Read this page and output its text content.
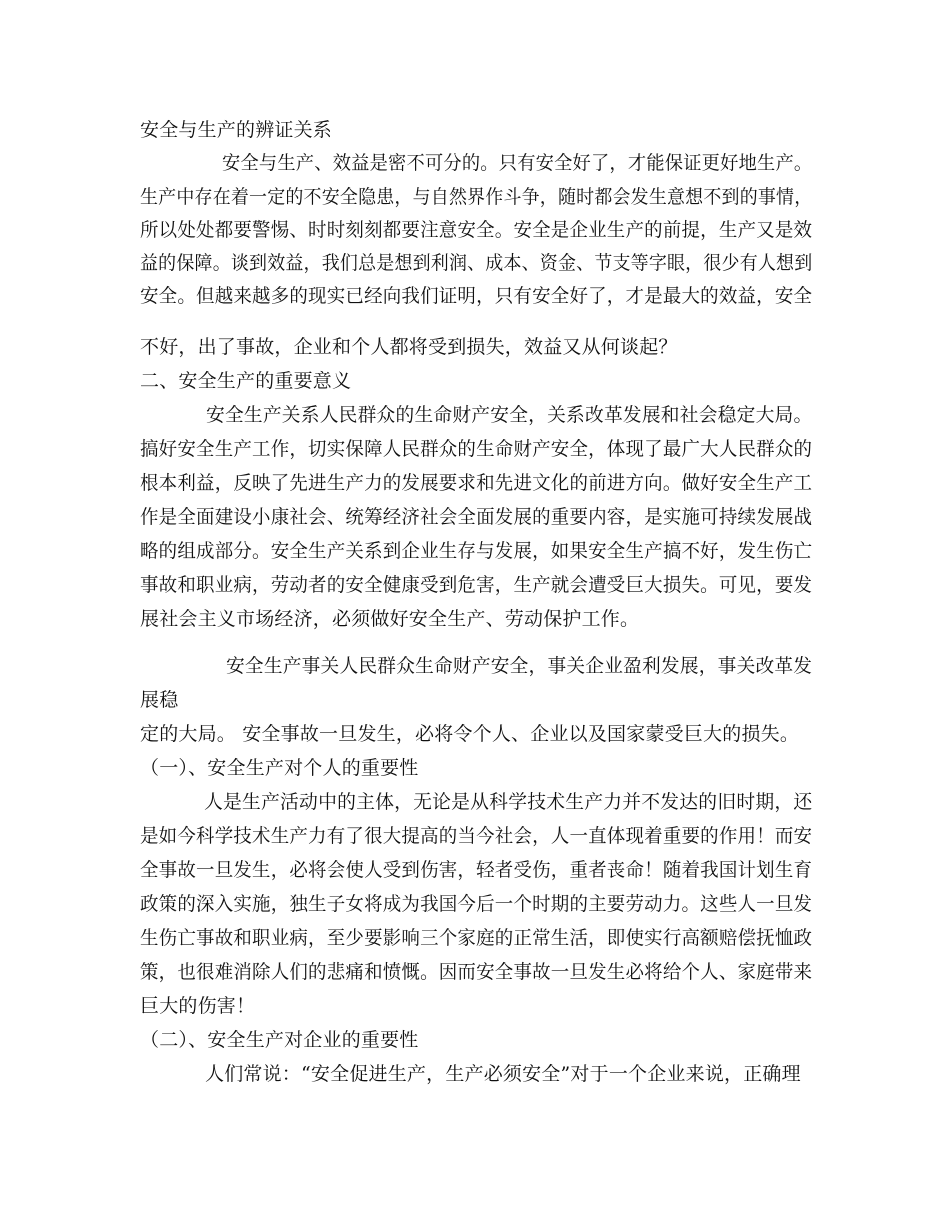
安全与生产的辨证关系
安全与生产、效益是密不可分的。只有安全好了，才能保证更好地生产。
生产中存在着一定的不安全隐患，与自然界作斗争，随时都会发生意想不到的事情，
所以处处都要警惕、时时刻刻都要注意安全。安全是企业生产的前提，生产又是效
益的保障。谈到效益，我们总是想到利润、成本、资金、节支等字眼，很少有人想到
安全。但越来越多的现实已经向我们证明，只有安全好了，才是最大的效益，安全
不好，出了事故，企业和个人都将受到损失，效益又从何谈起？
二、安全生产的重要意义
安全生产关系人民群众的生命财产安全，关系改革发展和社会稳定大局。
搞好安全生产工作，切实保障人民群众的生命财产安全，体现了最广大人民群众的
根本利益，反映了先进生产力的发展要求和先进文化的前进方向。做好安全生产工
作是全面建设小康社会、统筹经济社会全面发展的重要内容，是实施可持续发展战
略的组成部分。安全生产关系到企业生存与发展，如果安全生产搞不好，发生伤亡
事故和职业病，劳动者的安全健康受到危害，生产就会遭受巨大损失。可见，要发
展社会主义市场经济，必须做好安全生产、劳动保护工作。
安全生产事关人民群众生命财产安全，事关企业盈利发展，事关改革发
展稳
定的大局。 安全事故一旦发生，必将令个人、企业以及国家蒙受巨大的损失。
（一）、安全生产对个人的重要性
人是生产活动中的主体，无论是从科学技术生产力并不发达的旧时期，还
是如今科学技术生产力有了很大提高的当今社会，人一直体现着重要的作用！而安
全事故一旦发生，必将会使人受到伤害，轻者受伤，重者丧命！随着我国计划生育
政策的深入实施，独生子女将成为我国今后一个时期的主要劳动力。这些人一旦发
生伤亡事故和职业病，至少要影响三个家庭的正常生活，即使实行高额赔偿抚恤政
策，也很难消除人们的悲痛和愤慨。因而安全事故一旦发生必将给个人、家庭带来
巨大的伤害！
（二）、安全生产对企业的重要性
人们常说：“安全促进生产，生产必须安全”对于一个企业来说，正确理
